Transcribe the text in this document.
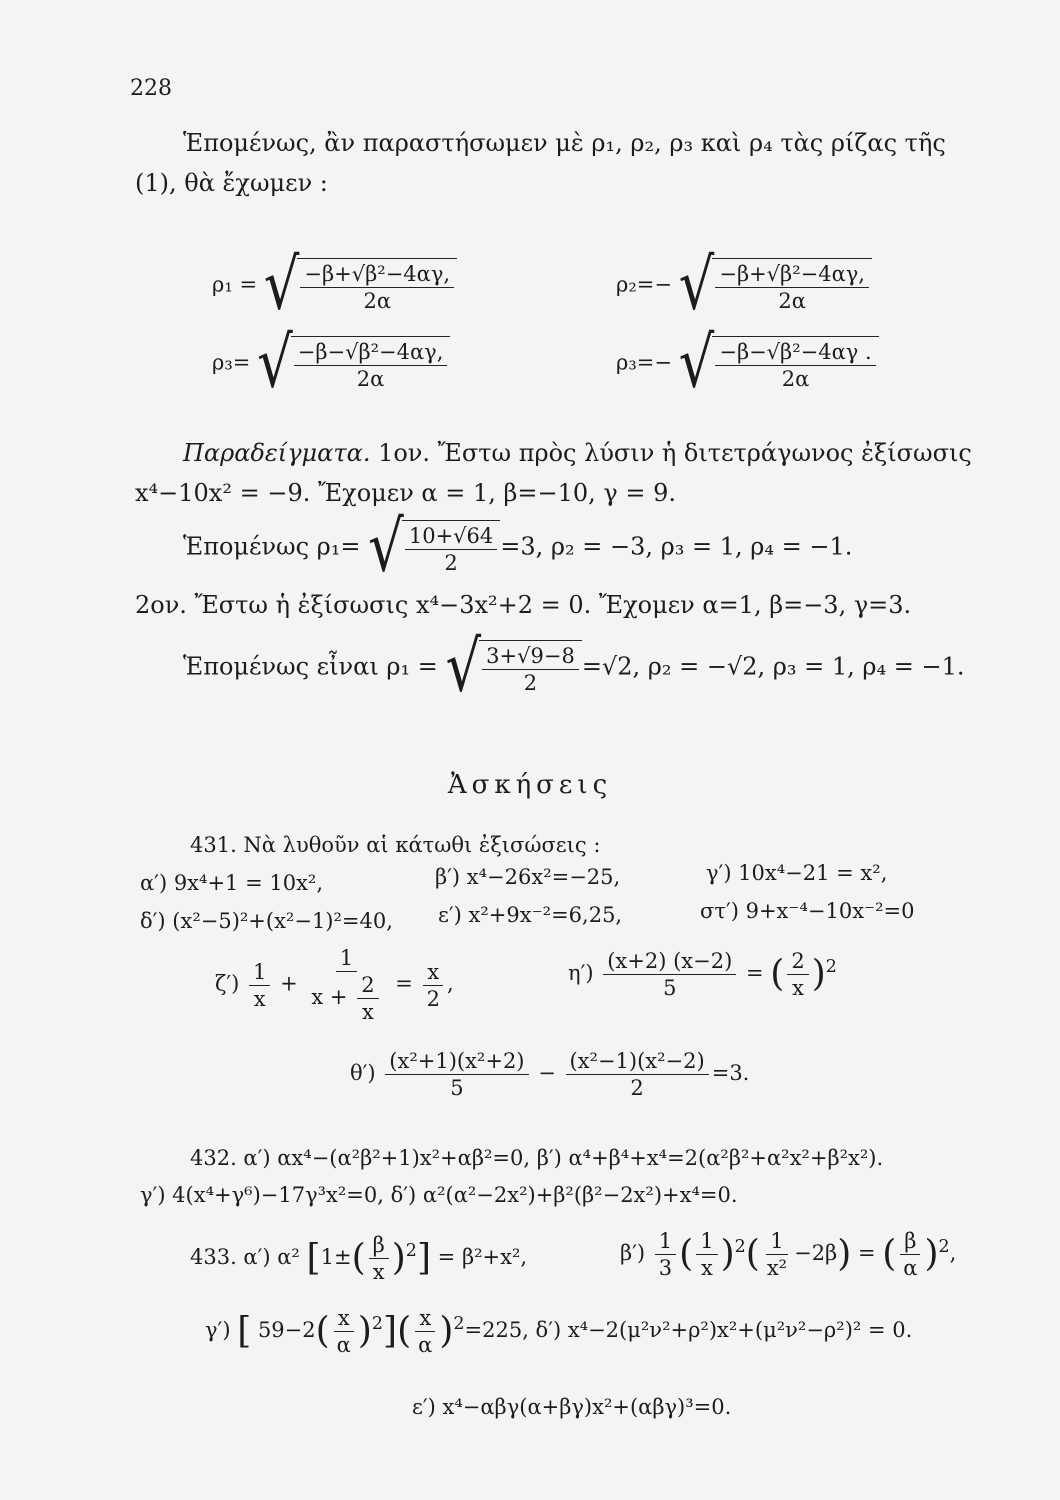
228
Ἑπομένως, ἂν παραστήσωμεν μὲ ρ₁, ρ₂, ρ₃ καὶ ρ₄ τὰς ρίζας τῆς
(1), θὰ ἔχωμεν :
ρ₁ = √ $\frac{\text{−β+√β²−4αγ,}}{2\alpha}$	ρ₂=− √ $\frac{\text{−β+√β²−4αγ,}}{2\alpha}$
ρ₃= √ $\frac{\text{−β−√β²−4αγ,}}{2\alpha}$	ρ₃=− √ $\frac{\text{−β−√β²−4αγ .}}{2\alpha}$
Παραδείγματα. 1ον. Ἔστω πρὸς λύσιν ἡ διτετράγωνος ἐξίσωσις
x⁴−10x² = −9. Ἔχομεν α = 1, β=−10, γ = 9.
Ἑπομένως ρ₁= √ $\frac{10+√64}{2} =3$, ρ₂ = −3, ρ₃ = 1, ρ₄ = −1.
2ον. Ἔστω ἡ ἐξίσωσις x⁴−3x²+2 = 0. Ἔχομεν α=1, β=−3, γ=3.
Ἑπομένως εἶναι ρ₁ = √ $\frac{3+√9-8}{2} =√2$, ρ₂ = −√2, ρ₃ = 1, ρ₄ = −1.
Ἀσκήσεις
431. Νὰ λυθοῦν αἱ κάτωθι ἐξισώσεις :
α′) 9x⁴+1 = 10x²,	β′) x⁴−26x²=−25,	γ′) 10x⁴−21 = x²,
δ′) (x²−5)²+(x²−1)²=40, ε′) x²+9x⁻²=6,25,	στ′) 9+x⁻⁴−10x⁻²=0
$\zeta') \frac{1}{x} + \frac{1}{x + \frac{2}{x}} = \frac{x}{2}$ ,	$\eta') \frac{(x+2) (x-2)}{5}$ = ( $\frac{2}{x} )^2$
$\theta') \frac{\text{(x²+1)(x²+2)}}{5} - \frac{\text{(x²−1)(x²−2)}}{2} =3$.
432. α′) αx⁴−(α²β²+1)x²+αβ²=0, β′) α⁴+β⁴+x⁴=2(α²β²+α²x²+β²x²).
γ′) 4(x⁴+γ⁶)−17γ³x²=0, δ′) α²(α²−2x²)+β²(β²−2x²)+x⁴=0.
433. α′) α² $[1\pm( \frac{\beta}{x} )^2] = \beta^2+x^2$,	$\beta') \frac{1}{3}$ ( $\frac{1}{x} )^2( \frac{1}{\text{x²}} -2\beta)$ = ( $\frac{\beta}{\alpha} )^2$,
γ′) [ $59-2( \frac{x}{\alpha} )^2]( \frac{x}{\alpha} )^2=225$, δ′) x⁴−2(μ²ν²+ρ²)x²+(μ²ν²−ρ²)² = 0.
ε′) x⁴−αβγ(α+βγ)x²+(αβγ)³=0.
